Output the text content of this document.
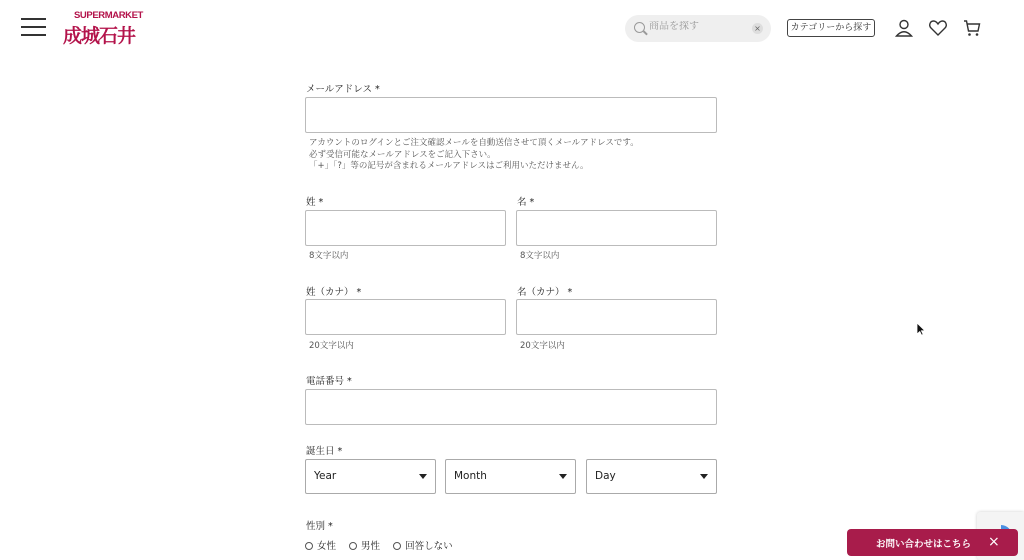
SUPERMARKET
成城石井
商品を探す	×	カテゴリーから探す
メールアドレス *
アカウントのログインとご注文確認メールを自動送信させて頂くメールアドレスです。
必ず受信可能なメールアドレスをご記入下さい。
「+」「?」等の記号が含まれるメールアドレスはご利用いただけません。
姓 *
8文字以内
名 *
8文字以内
姓（カナ） *
20文字以内
名（カナ） *
20文字以内
電話番号 *
誕生日 *
Year	Month	Day
性別 *
女性	男性	回答しない	お問い合わせはこちら ×
